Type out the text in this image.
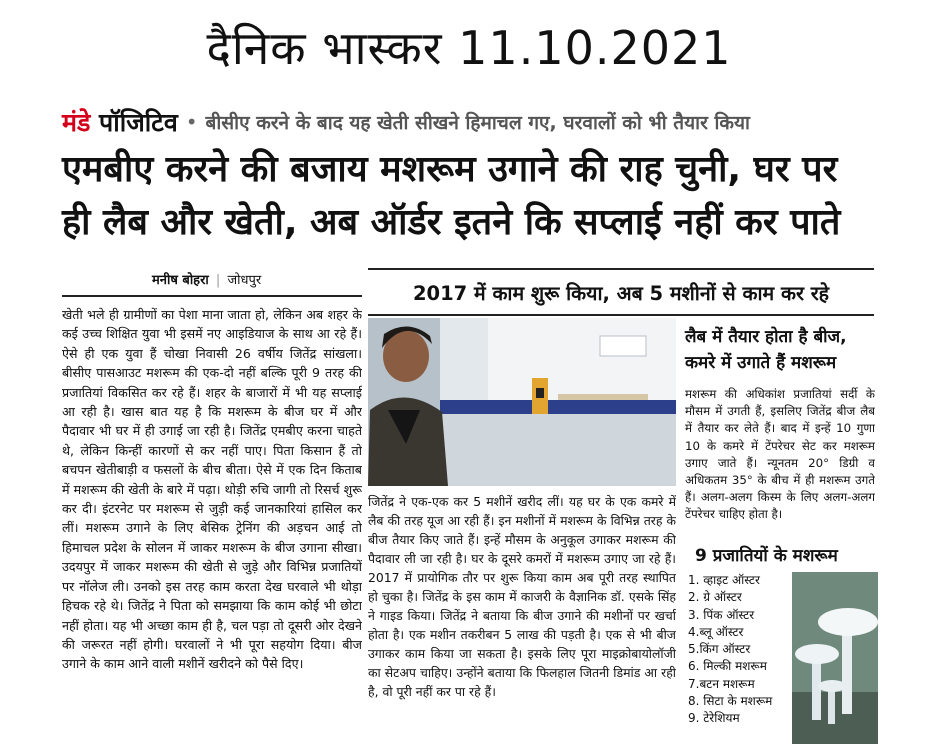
दैनिक भास्कर 11.10.2021
मंडे पॉजिटिव • बीसीए करने के बाद यह खेती सीखने हिमाचल गए, घरवालों को भी तैयार किया
एमबीए करने की बजाय मशरूम उगाने की राह चुनी, घर पर
ही लैब और खेती, अब ऑर्डर इतने कि सप्लाई नहीं कर पाते
मनीष बोहरा | जोधपुर
खेती भले ही ग्रामीणों का पेशा माना जाता हो, लेकिन अब शहर के कई उच्च शिक्षित युवा भी इसमें नए आइडियाज के साथ आ रहे हैं। ऐसे ही एक युवा हैं चोखा निवासी 26 वर्षीय जितेंद्र सांखला। बीसीए पासआउट मशरूम की एक-दो नहीं बल्कि पूरी 9 तरह की प्रजातियां विकसित कर रहे हैं। शहर के बाजारों में भी यह सप्लाई आ रही है। खास बात यह है कि मशरूम के बीज घर में और पैदावार भी घर में ही उगाई जा रही है। जितेंद्र एमबीए करना चाहते थे, लेकिन किन्हीं कारणों से कर नहीं पाए। पिता किसान हैं तो बचपन खेतीबाड़ी व फसलों के बीच बीता। ऐसे में एक दिन किताब में मशरूम की खेती के बारे में पढ़ा। थोड़ी रुचि जागी तो रिसर्च शुरू कर दी। इंटरनेट पर मशरूम से जुड़ी कई जानकारियां हासिल कर लीं। मशरूम उगाने के लिए बेसिक ट्रेनिंग की अड़चन आई तो हिमाचल प्रदेश के सोलन में जाकर मशरूम के बीज उगाना सीखा। उदयपुर में जाकर मशरूम की खेती से जुड़े और विभिन्न प्रजातियों पर नॉलेज ली। उनको इस तरह काम करता देख घरवाले भी थोड़ा हिचक रहे थे। जितेंद्र ने पिता को समझाया कि काम कोई भी छोटा नहीं होता। यह भी अच्छा काम ही है, चल पड़ा तो दूसरी ओर देखने की जरूरत नहीं होगी। घरवालों ने भी पूरा सहयोग दिया। बीज उगाने के काम आने वाली मशीनें खरीदने को पैसे दिए।
2017 में काम शुरू किया, अब 5 मशीनों से काम कर रहे
जितेंद्र ने एक-एक कर 5 मशीनें खरीद लीं। यह घर के एक कमरे में लैब की तरह यूज आ रही हैं। इन मशीनों में मशरूम के विभिन्न तरह के बीज तैयार किए जाते हैं। इन्हें मौसम के अनुकूल उगाकर मशरूम की पैदावार ली जा रही है। घर के दूसरे कमरों में मशरूम उगाए जा रहे हैं। 2017 में प्रायोगिक तौर पर शुरू किया काम अब पूरी तरह स्थापित हो चुका है। जितेंद्र के इस काम में काजरी के वैज्ञानिक डॉ. एसके सिंह ने गाइड किया। जितेंद्र ने बताया कि बीज उगाने की मशीनों पर खर्चा होता है। एक मशीन तकरीबन 5 लाख की पड़ती है। एक से भी बीज उगाकर काम किया जा सकता है। इसके लिए पूरा माइक्रोबायोलॉजी का सेटअप चाहिए। उन्होंने बताया कि फिलहाल जितनी डिमांड आ रही है, वो पूरी नहीं कर पा रहे हैं।
लैब में तैयार होता है बीज,
कमरे में उगाते हैं मशरूम
मशरूम की अधिकांश प्रजातियां सर्दी के मौसम में उगती हैं, इसलिए जितेंद्र बीज लैब में तैयार कर लेते हैं। बाद में इन्हें 10 गुणा 10 के कमरे में टेंपरेचर सेट कर मशरूम उगाए जाते हैं। न्यूनतम 20° डिग्री व अधिकतम 35° के बीच में ही मशरूम उगते हैं। अलग-अलग किस्म के लिए अलग-अलग टेंपरेचर चाहिए होता है।
9 प्रजातियों के मशरूम
1. व्हाइट ऑस्टर
2. ग्रे ऑस्टर
3. पिंक ऑस्टर
4.ब्लू ऑस्टर
5.किंग ऑस्टर
6. मिल्की मशरूम
7.बटन मशरूम
8. सिटा के मशरूम
9. टेरेशियम
